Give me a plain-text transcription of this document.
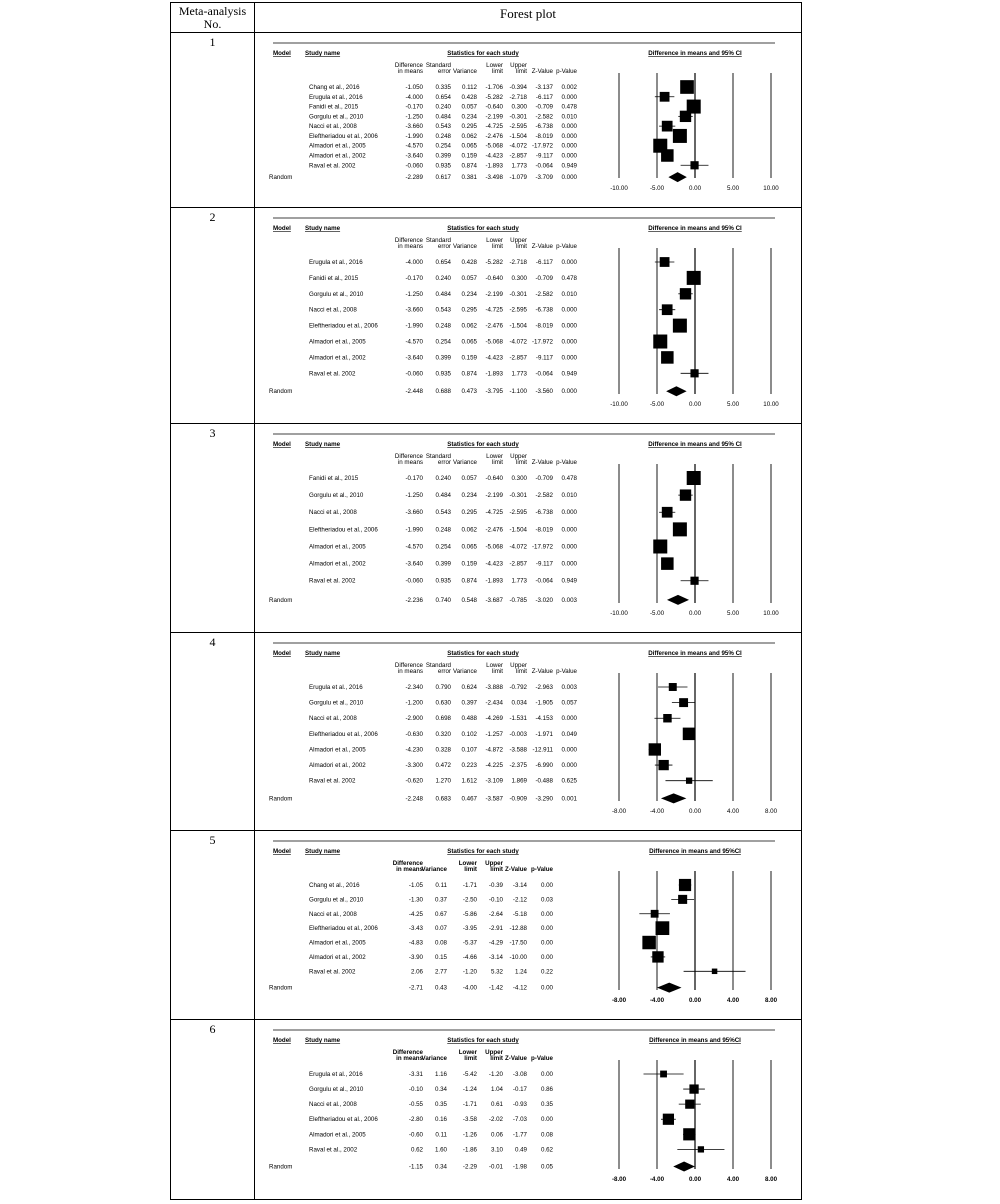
Meta-analysis
No.
Forest plot
1
Model Study name	Statistics for each study	Difference in means and 95% CI
Difference
in means
Standard
error Variance
Lower
limit
Upper
limit Z-Value p-Value
-10.00	-5.00	0.00	5.00	10.00
Chang et al., 2016	-1.050 0.335 0.112 -1.706 -0.394 -3.137 0.002
Erugula et al., 2016	-4.000 0.654 0.428 -5.282 -2.718 -6.117 0.000
Fanidi et al., 2015	-0.170 0.240 0.057 -0.640 0.300 -0.709 0.478
Gorgulu et al., 2010	-1.250 0.484 0.234 -2.199 -0.301 -2.582 0.010
Nacci et al., 2008	-3.660 0.543 0.295 -4.725 -2.595 -6.738 0.000
Eleftheriadou et al., 2006	-1.990 0.248 0.062 -2.476 -1.504 -8.019 0.000
Almadori et al., 2005	-4.570 0.254 0.065 -5.068 -4.072 -17.972 0.000
Almadori et al., 2002	-3.640 0.399 0.159 -4.423 -2.857 -9.117 0.000
Raval et al. 2002	-0.060 0.935 0.874 -1.893 1.773 -0.064 0.949
Random	-2.289 0.617 0.381 -3.498 -1.079 -3.709 0.000
2
Model Study name	Statistics for each study	Difference in means and 95% CI
Difference
in means
Standard
error Variance
Lower
limit
Upper
limit Z-Value p-Value
-10.00	-5.00	0.00	5.00	10.00
Erugula et al., 2016	-4.000 0.654 0.428 -5.282 -2.718 -6.117 0.000
Fanidi et al., 2015	-0.170 0.240 0.057 -0.640 0.300 -0.709 0.478
Gorgulu et al., 2010	-1.250 0.484 0.234 -2.199 -0.301 -2.582 0.010
Nacci et al., 2008	-3.660 0.543 0.295 -4.725 -2.595 -6.738 0.000
Eleftheriadou et al., 2006	-1.990 0.248 0.062 -2.476 -1.504 -8.019 0.000
Almadori et al., 2005	-4.570 0.254 0.065 -5.068 -4.072 -17.972 0.000
Almadori et al., 2002	-3.640 0.399 0.159 -4.423 -2.857 -9.117 0.000
Raval et al. 2002	-0.060 0.935 0.874 -1.893 1.773 -0.064 0.949
Random	-2.448 0.688 0.473 -3.795 -1.100 -3.560 0.000
3
Model Study name	Statistics for each study	Difference in means and 95% CI
Difference
in means
Standard
error Variance
Lower
limit
Upper
limit Z-Value p-Value
-10.00	-5.00	0.00	5.00	10.00
Fanidi et al., 2015	-0.170 0.240 0.057 -0.640 0.300 -0.709 0.478
Gorgulu et al., 2010	-1.250 0.484 0.234 -2.199 -0.301 -2.582 0.010
Nacci et al., 2008	-3.660 0.543 0.295 -4.725 -2.595 -6.738 0.000
Eleftheriadou et al., 2006	-1.990 0.248 0.062 -2.476 -1.504 -8.019 0.000
Almadori et al., 2005	-4.570 0.254 0.065 -5.068 -4.072 -17.972 0.000
Almadori et al., 2002	-3.640 0.399 0.159 -4.423 -2.857 -9.117 0.000
Raval et al. 2002	-0.060 0.935 0.874 -1.893 1.773 -0.064 0.949
Random	-2.236 0.740 0.548 -3.687 -0.785 -3.020 0.003
4
Model Study name	Statistics for each study	Difference in means and 95% CI
Difference
in means
Standard
error Variance
Lower
limit
Upper
limit Z-Value p-Value
-8.00	-4.00	0.00	4.00	8.00
Erugula et al., 2016	-2.340 0.790 0.624 -3.888 -0.792 -2.963 0.003
Gorgulu et al., 2010	-1.200 0.630 0.397 -2.434 0.034 -1.905 0.057
Nacci et al., 2008	-2.900 0.698 0.488 -4.269 -1.531 -4.153 0.000
Eleftheriadou et al., 2006	-0.630 0.320 0.102 -1.257 -0.003 -1.971 0.049
Almadori et al., 2005	-4.230 0.328 0.107 -4.872 -3.588 -12.911 0.000
Almadori et al., 2002	-3.300 0.472 0.223 -4.225 -2.375 -6.990 0.000
Raval et al. 2002	-0.620 1.270 1.612 -3.109 1.869 -0.488 0.625
Random	-2.248 0.683 0.467 -3.587 -0.909 -3.290 0.001
5
Model Study name	Statistics for each study	Difference in means and 95%CI
Difference
in means
Variance
Lower
limit
Upper
limit Z-Value p-Value
-8.00	-4.00	0.00	4.00	8.00
Chang et al., 2016	-1.05 0.11	-1.71 -0.39 -3.14 0.00
Gorgulu et al., 2010	-1.30 0.37	-2.50 -0.10 -2.12 0.03
Nacci et al., 2008	-4.25 0.67	-5.86 -2.64 -5.18 0.00
Eleftheriadou et al., 2006	-3.43 0.07	-3.95 -2.91 -12.88 0.00
Almadori et al., 2005	-4.83 0.08	-5.37 -4.29 -17.50 0.00
Almadori et al., 2002	-3.90 0.15	-4.66 -3.14 -10.00 0.00
Raval et al. 2002	2.06 2.77	-1.20 5.32 1.24 0.22
Random	-2.71 0.43	-4.00 -1.42 -4.12 0.00
6
Model Study name	Statistics for each study	Difference in means and 95%CI
Difference
in means
Variance
Lower
limit
Upper
limit Z-Value p-Value
-8.00	-4.00	0.00	4.00	8.00
Erugula et al., 2016	-3.31 1.16	-5.42 -1.20 -3.08 0.00
Gorgulu et al., 2010	-0.10 0.34	-1.24 1.04 -0.17 0.86
Nacci et al., 2008	-0.55 0.35	-1.71 0.61 -0.93 0.35
Eleftheriadou et al., 2006	-2.80 0.16	-3.58 -2.02 -7.03 0.00
Almadori et al., 2005	-0.60 0.11	-1.26 0.06 -1.77 0.08
Raval et al., 2002	0.62 1.60	-1.86 3.10 0.49 0.62
Random	-1.15 0.34	-2.29 -0.01 -1.98 0.05
